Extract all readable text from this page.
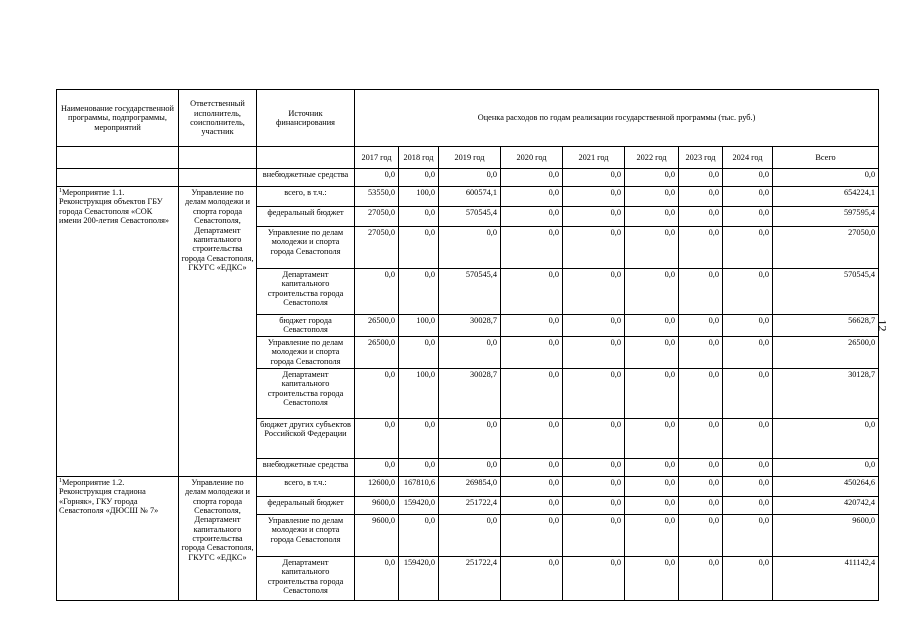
12
Наименование государственной программы, подпрограммы, мероприятий	Ответственный исполнитель, соисполнитель, участник	Источник финансирования	Оценка расходов по годам реализации государственной программы (тыс. руб.)								
			2017 год	2018 год	2019 год	2020 год	2021 год	2022 год	2023 год	2024 год	Всего
		внебюджетные средства	0,0	0,0	0,0	0,0	0,0	0,0	0,0	0,0	0,0
$^1$Мероприятие 1.1. Реконструкция объектов ГБУ города Севастополя «СОК имени 200-летия Севастополя»	Управление по делам молодежи и спорта города Севастополя, Департамент капитального строительства города Севастополя, ГКУГС «ЕДКС»	всего, в т.ч.:	53550,0	100,0	600574,1	0,0	0,0	0,0	0,0	0,0	654224,1
		федеральный бюджет	27050,0	0,0	570545,4	0,0	0,0	0,0	0,0	0,0	597595,4
		Управление по делам молодежи и спорта города Севастополя	27050,0	0,0	0,0	0,0	0,0	0,0	0,0	0,0	27050,0
		Департамент капитального строительства города Севастополя	0,0	0,0	570545,4	0,0	0,0	0,0	0,0	0,0	570545,4
		бюджет города Севастополя	26500,0	100,0	30028,7	0,0	0,0	0,0	0,0	0,0	56628,7
		Управление по делам молодежи и спорта города Севастополя	26500,0	0,0	0,0	0,0	0,0	0,0	0,0	0,0	26500,0
		Департамент капитального строительства города Севастополя	0,0	100,0	30028,7	0,0	0,0	0,0	0,0	0,0	30128,7
		бюджет других субъектов Российской Федерации	0,0	0,0	0,0	0,0	0,0	0,0	0,0	0,0	0,0
		внебюджетные средства	0,0	0,0	0,0	0,0	0,0	0,0	0,0	0,0	0,0
$^1$Мероприятие 1.2. Реконструкция стадиона «Горняк», ГКУ города Севастополя «ДЮСШ № 7»	Управление по делам молодежи и спорта города Севастополя, Департамент капитального строительства города Севастополя, ГКУГС «ЕДКС»	всего, в т.ч.:	12600,0	167810,6	269854,0	0,0	0,0	0,0	0,0	0,0	450264,6
		федеральный бюджет	9600,0	159420,0	251722,4	0,0	0,0	0,0	0,0	0,0	420742,4
		Управление по делам молодежи и спорта города Севастополя	9600,0	0,0	0,0	0,0	0,0	0,0	0,0	0,0	9600,0
		Департамент капитального строительства города Севастополя	0,0	159420,0	251722,4	0,0	0,0	0,0	0,0	0,0	411142,4
